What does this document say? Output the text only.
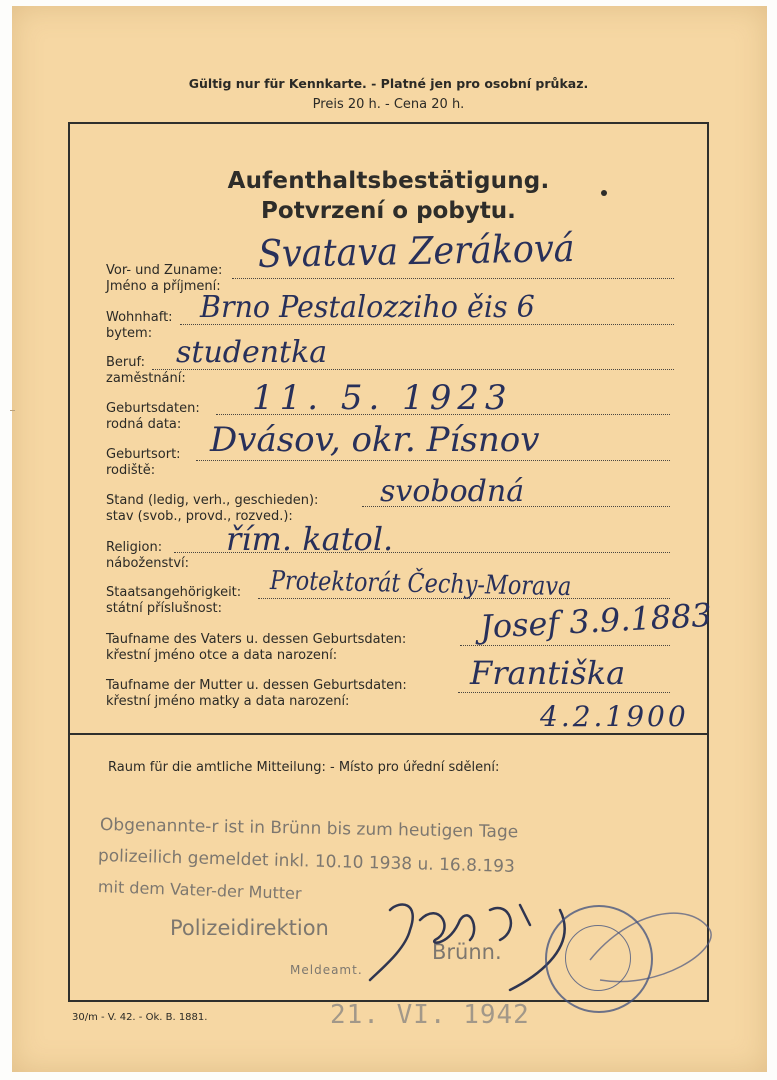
Gültig nur für Kennkarte. - Platné jen pro osobní průkaz.
Preis 20 h. - Cena 20 h.
Aufenthaltsbestätigung.
Potvrzení o pobytu.
Vor- und Zuname:
Jméno a příjmení:
Svatava Zeráková
Wohnhaft:
bytem:
Brno Pestalozziho ěis 6
Beruf:
zaměstnání:
studentka
Geburtsdaten:
rodná data:
11. 5. 1923
Geburtsort:
rodiště:
Dvásov, okr. Písnov
Stand (ledig, verh., geschieden):
stav (svob., provd., rozved.):
svobodná
Religion:
náboženství:
řím. katol.
Staatsangehörigkeit:
státní příslušnost:
Protektorát Čechy-Morava
Taufname des Vaters u. dessen Geburtsdaten:
křestní jméno otce a data narození:
Josef 3.9.1883
Taufname der Mutter u. dessen Geburtsdaten:
křestní jméno matky a data narození:
Františka
4.2.1900
Raum für die amtliche Mitteilung: - Místo pro úřední sdělení:
Obgenannte-r ist in Brünn bis zum heutigen Tage
polizeilich gemeldet inkl. 10.10 1938 u. 16.8.193
mit dem Vater-der Mutter
Polizeidirektion
Brünn.
Meldeamt.
21. VI. 1942
30/m - V. 42. - Ok. B. 1881.
